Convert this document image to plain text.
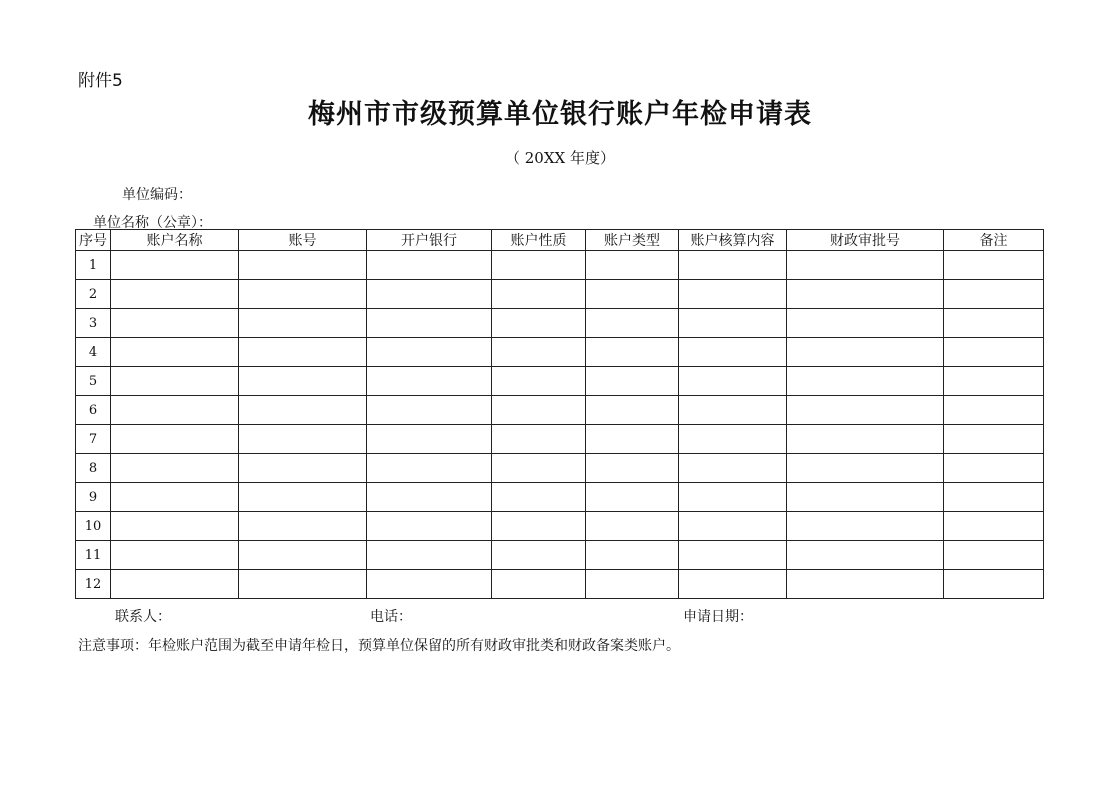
附件5
梅州市市级预算单位银行账户年检申请表
（ 20XX 年度）
单位编码：
单位名称（公章）：
序号	账户名称	账号	开户银行	账户性质	账户类型	账户核算内容	财政审批号	备注
1								
2								
3								
4								
5								
6								
7								
8								
9								
10								
11								
12								
联系人：	电话：	申请日期：
注意事项：年检账户范围为截至申请年检日，预算单位保留的所有财政审批类和财政备案类账户。
